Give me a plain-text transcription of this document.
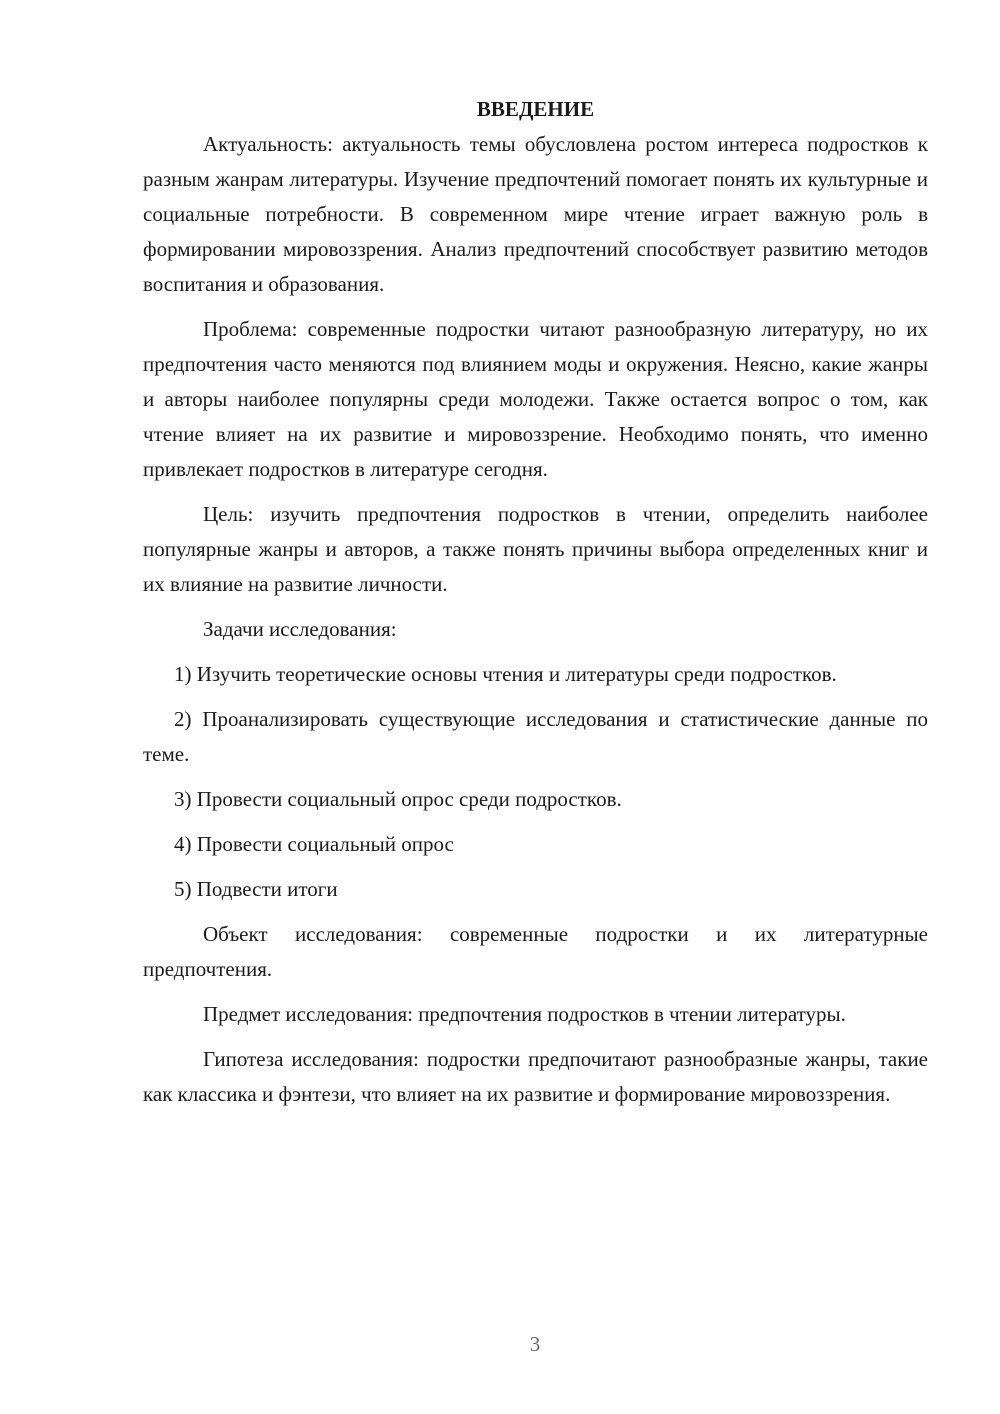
ВВЕДЕНИЕ

Актуальность: актуальность темы обусловлена ростом интереса подростков к разным жанрам литературы. Изучение предпочтений помогает понять их культурные и социальные потребности. В современном мире чтение играет важную роль в формировании мировоззрения. Анализ предпочтений способствует развитию методов воспитания и образования.

Проблема: современные подростки читают разнообразную литературу, но их предпочтения часто меняются под влиянием моды и окружения. Неясно, какие жанры и авторы наиболее популярны среди молодежи. Также остается вопрос о том, как чтение влияет на их развитие и мировоззрение. Необходимо понять, что именно привлекает подростков в литературе сегодня.

Цель: изучить предпочтения подростков в чтении, определить наиболее популярные жанры и авторов, а также понять причины выбора определенных книг и их влияние на развитие личности.

Задачи исследования:

1) Изучить теоретические основы чтения и литературы среди подростков.

2) Проанализировать существующие исследования и статистические данные по теме.

3) Провести социальный опрос среди подростков.

4) Провести социальный опрос

5) Подвести итоги

Объект исследования: современные подростки и их литературные предпочтения.

Предмет исследования: предпочтения подростков в чтении литературы.

Гипотеза исследования: подростки предпочитают разнообразные жанры, такие как классика и фэнтези, что влияет на их развитие и формирование мировоззрения.

3
